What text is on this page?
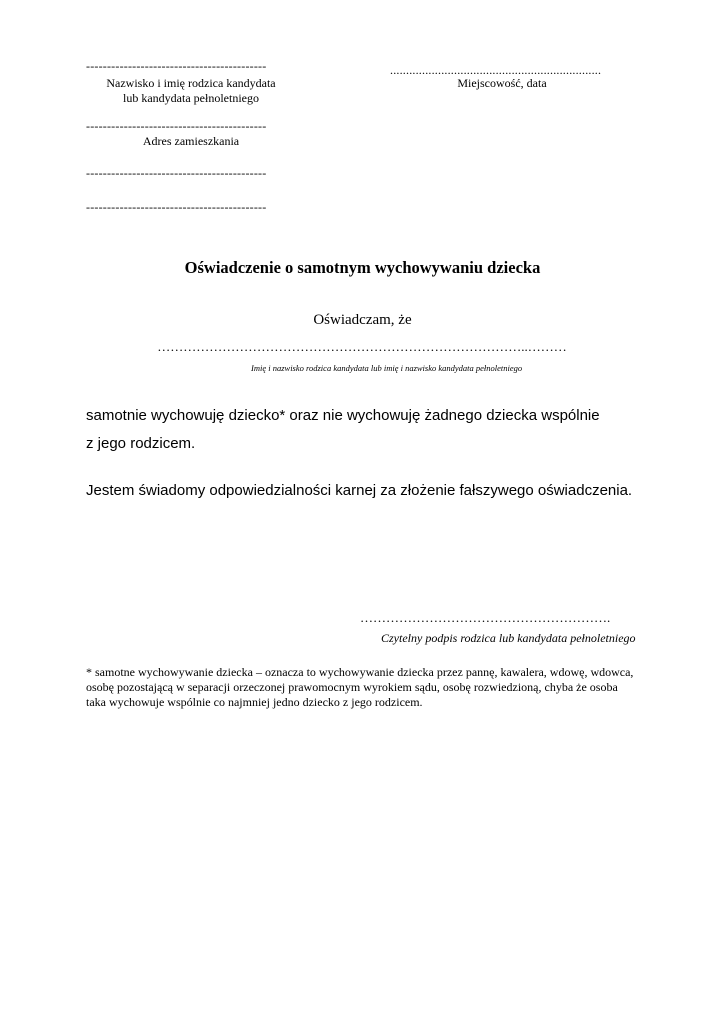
-------------------------------------------
Nazwisko i imię rodzica kandydata
lub kandydata pełnoletniego
..................................................................
Miejscowość, data
-------------------------------------------
Adres zamieszkania
-------------------------------------------
-------------------------------------------
Oświadczenie o samotnym wychowywaniu dziecka
Oświadczam, że
…………………………………………………………………………..………
Imię i nazwisko rodzica kandydata lub imię i nazwisko kandydata pełnoletniego
samotnie wychowuję dziecko* oraz nie wychowuję żadnego dziecka wspólnie z jego rodzicem.
Jestem świadomy odpowiedzialności karnej za złożenie fałszywego oświadczenia.
………………………………………………….
Czytelny podpis rodzica lub kandydata pełnoletniego
* samotne wychowywanie dziecka – oznacza to wychowywanie dziecka przez pannę, kawalera, wdowę, wdowca, osobę pozostającą w separacji orzeczonej prawomocnym wyrokiem sądu, osobę rozwiedzioną, chyba że osoba taka wychowuje wspólnie co najmniej jedno dziecko z jego rodzicem.
